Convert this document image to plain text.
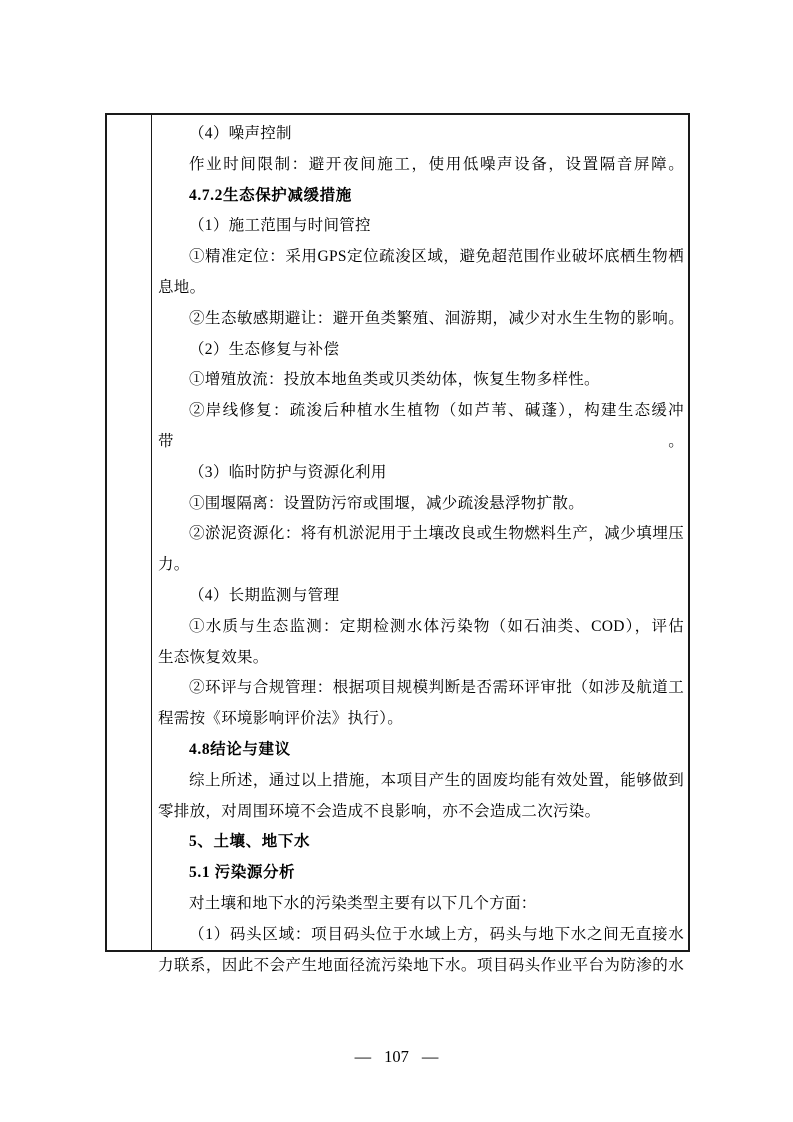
（4）噪声控制
作业时间限制：避开夜间施工，使用低噪声设备，设置隔音屏障。
4.7.2生态保护减缓措施
（1）施工范围与时间管控
①精准定位：采用GPS定位疏浚区域，避免超范围作业破坏底栖生物栖
息地。
②生态敏感期避让：避开鱼类繁殖、洄游期，减少对水生生物的影响。
（2）生态修复与补偿
①增殖放流：投放本地鱼类或贝类幼体，恢复生物多样性。
②岸线修复：疏浚后种植水生植物（如芦苇、碱蓬），构建生态缓冲带。
（3）临时防护与资源化利用
①围堰隔离：设置防污帘或围堰，减少疏浚悬浮物扩散。
②淤泥资源化：将有机淤泥用于土壤改良或生物燃料生产，减少填埋压
力。
（4）长期监测与管理
①水质与生态监测：定期检测水体污染物（如石油类、COD），评估
生态恢复效果。
②环评与合规管理：根据项目规模判断是否需环评审批（如涉及航道工
程需按《环境影响评价法》执行）。
4.8结论与建议
综上所述，通过以上措施，本项目产生的固废均能有效处置，能够做到
零排放，对周围环境不会造成不良影响，亦不会造成二次污染。
5、土壤、地下水
5.1 污染源分析
对土壤和地下水的污染类型主要有以下几个方面：
（1）码头区域：项目码头位于水域上方，码头与地下水之间无直接水
力联系，因此不会产生地面径流污染地下水。项目码头作业平台为防渗的水
— 107 —
